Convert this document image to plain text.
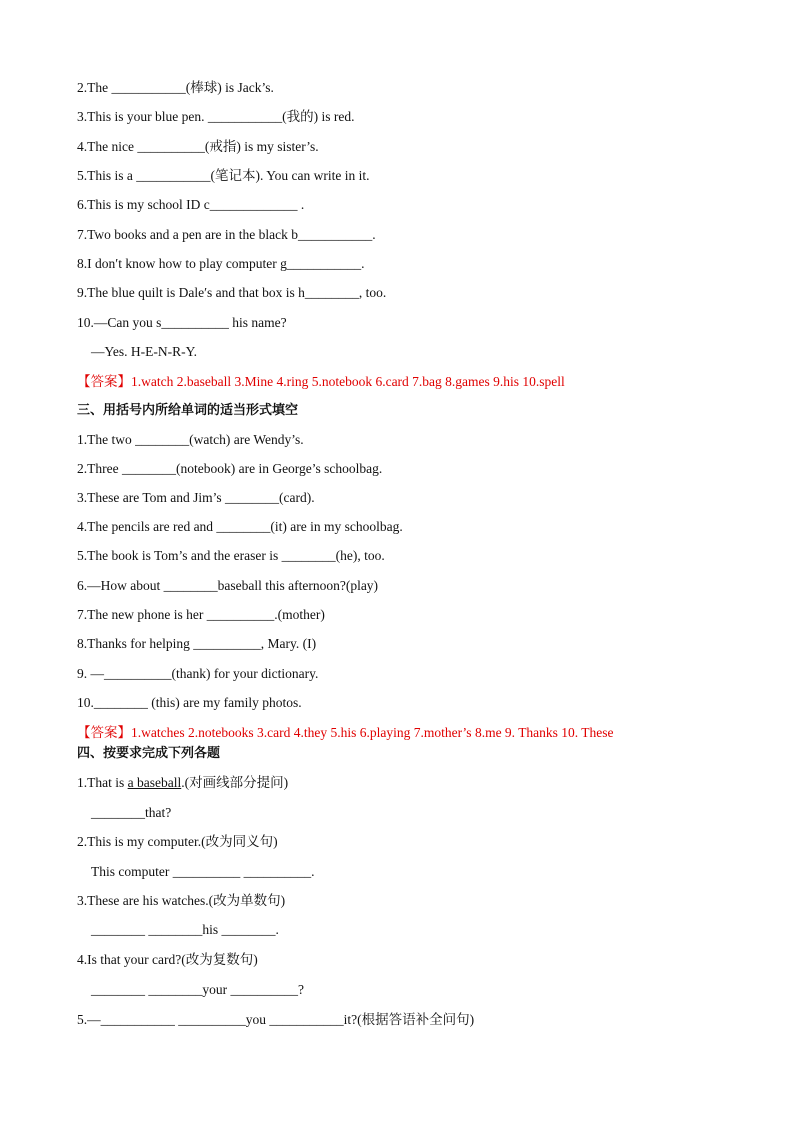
2.The ___________(棒球) is Jack’s.
3.This is your blue pen. ___________(我的) is red.
4.The nice __________(戒指) is my sister’s.
5.This is a ___________(笔记本). You can write in it.
6.This is my school ID c_____________ .
7.Two books and a pen are in the black b___________.
8.I don′t know how to play computer g___________.
9.The blue quilt is Dale′s and that box is h________, too.
10.—Can you s__________ his name?
—Yes. H-E-N-R-Y.
【答案】1.watch 2.baseball 3.Mine 4.ring 5.notebook 6.card 7.bag 8.games 9.his 10.spell
三、用括号内所给单词的适当形式填空
1.The two ________(watch) are Wendy’s.
2.Three ________(notebook) are in George’s schoolbag.
3.These are Tom and Jim’s ________(card).
4.The pencils are red and ________(it) are in my schoolbag.
5.The book is Tom’s and the eraser is ________(he), too.
6.—How about ________baseball this afternoon?(play)
7.The new phone is her __________.(mother)
8.Thanks for helping __________, Mary. (I)
9. —__________(thank) for your dictionary.
10.________ (this) are my family photos.
【答案】1.watches 2.notebooks 3.card 4.they 5.his 6.playing 7.mother’s 8.me 9. Thanks 10. These
四、按要求完成下列各题
1.That is a baseball.(对画线部分提问)
________that?
2.This is my computer.(改为同义句)
This computer __________ __________.
3.These are his watches.(改为单数句)
________ ________his ________.
4.Is that your card?(改为复数句)
________ ________your __________?
5.—___________ __________you ___________it?(根据答语补全问句)
